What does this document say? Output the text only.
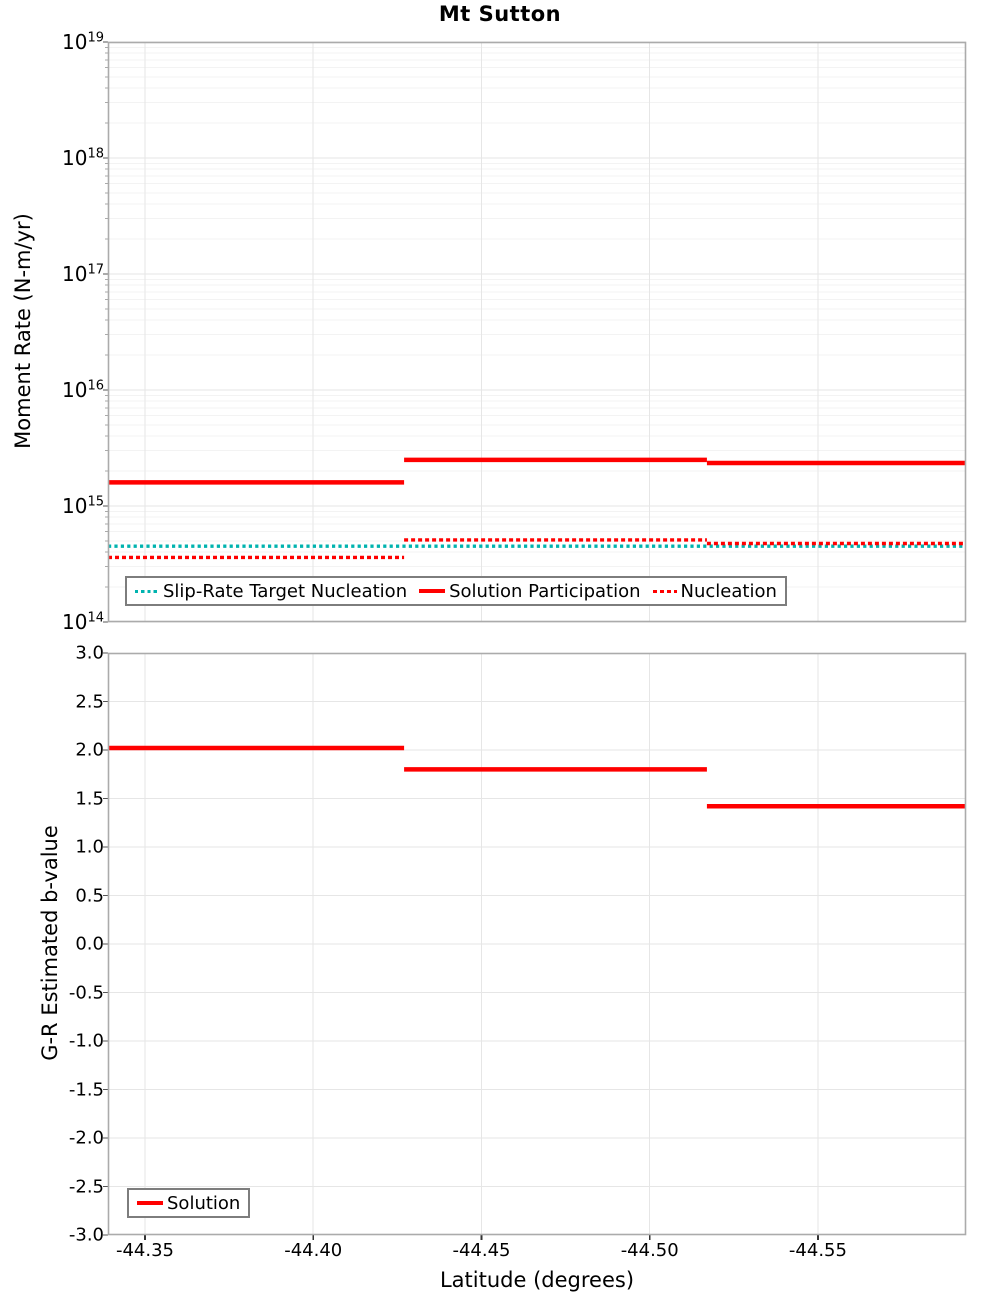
Mt Sutton
Moment Rate (N-m/yr)
G-R Estimated b-value
Latitude (degrees)
$10^{19}$
$10^{18}$
$10^{17}$
$10^{16}$
$10^{15}$
$10^{14}$
3.0
2.5
2.0
1.5
1.0
0.5
0.0
-0.5
-1.0
-1.5
-2.0
-2.5
-3.0
-44.35	-44.40	-44.45	-44.50	-44.55
Slip-Rate Target Nucleation Solution Participation Nucleation
Solution
